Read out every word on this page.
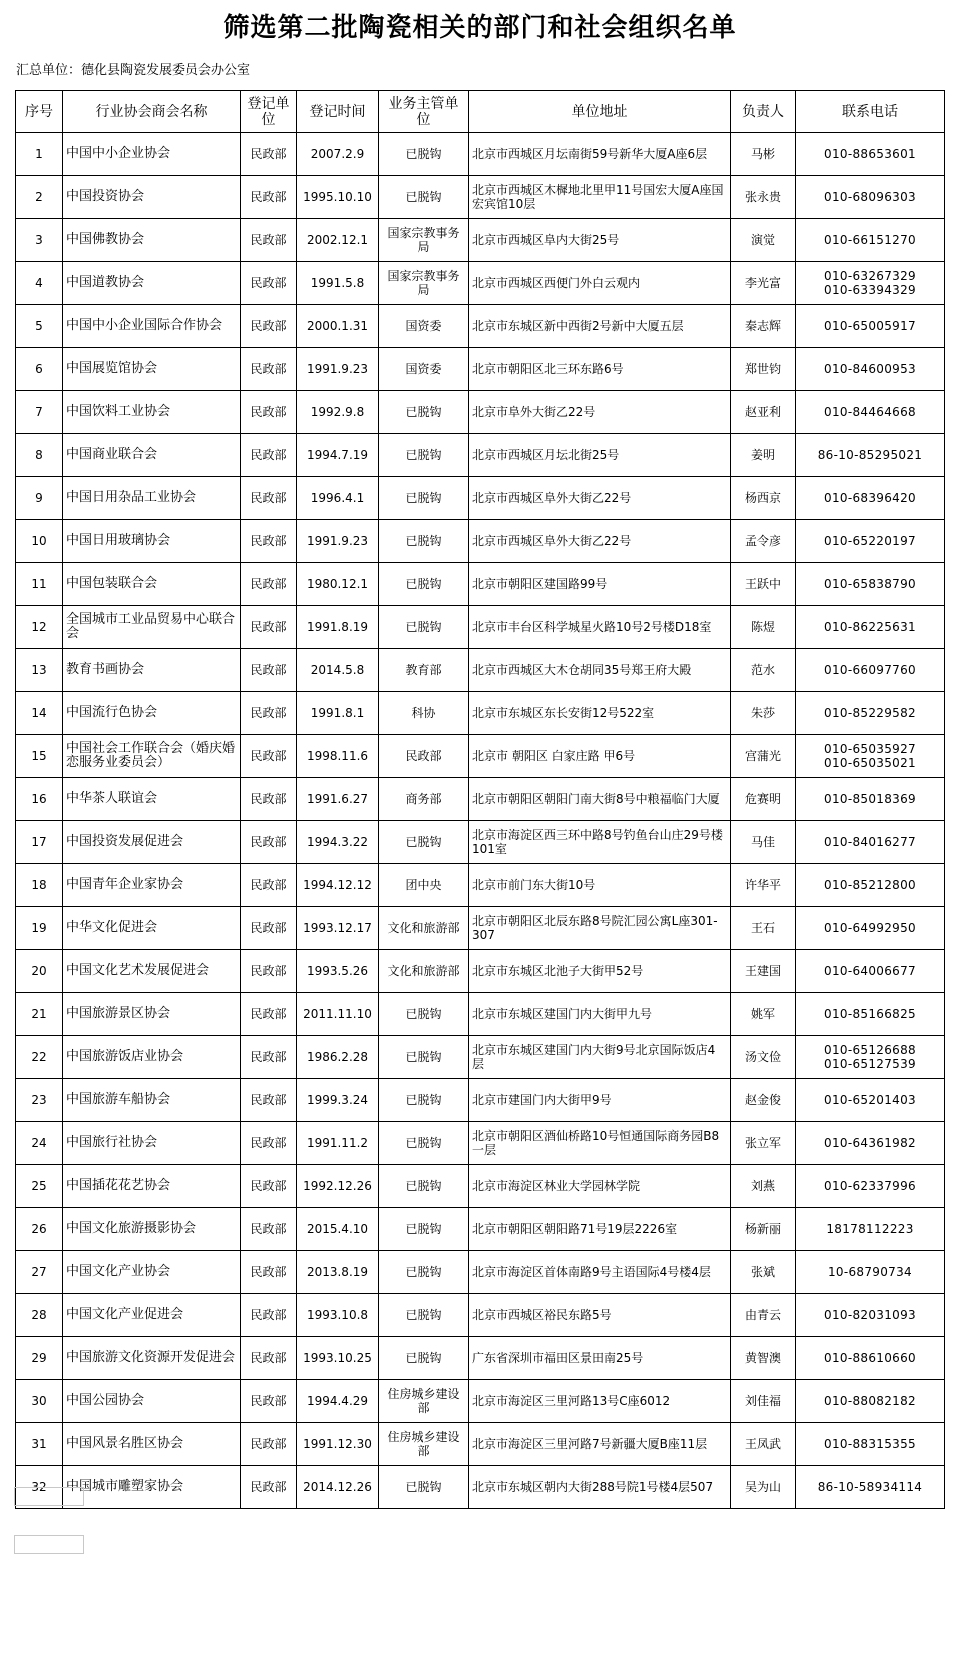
筛选第二批陶瓷相关的部门和社会组织名单
汇总单位：德化县陶瓷发展委员会办公室
序号	行业协会商会名称	登记单位	登记时间	业务主管单位	单位地址	负责人	联系电话
1	中国中小企业协会	民政部	2007.2.9	已脱钩	北京市西城区月坛南街59号新华大厦A座6层	马彬	010-88653601

2	中国投资协会	民政部	1995.10.10	已脱钩	北京市西城区木樨地北里甲11号国宏大厦A座国宏宾馆10层	张永贵	010-68096303

3	中国佛教协会	民政部	2002.12.1	国家宗教事务局	北京市西城区阜内大街25号	演觉	010-66151270

4	中国道教协会	民政部	1991.5.8	国家宗教事务局	北京市西城区西便门外白云观内	李光富	010-63267329
010-63394329

5	中国中小企业国际合作协会	民政部	2000.1.31	国资委	北京市东城区新中西街2号新中大厦五层	秦志辉	010-65005917

6	中国展览馆协会	民政部	1991.9.23	国资委	北京市朝阳区北三环东路6号	郑世钧	010-84600953

7	中国饮料工业协会	民政部	1992.9.8	已脱钩	北京市阜外大街乙22号	赵亚利	010-84464668

8	中国商业联合会	民政部	1994.7.19	已脱钩	北京市西城区月坛北街25号	姜明	86-10-85295021

9	中国日用杂品工业协会	民政部	1996.4.1	已脱钩	北京市西城区阜外大街乙22号	杨西京	010-68396420

10	中国日用玻璃协会	民政部	1991.9.23	已脱钩	北京市西城区阜外大街乙22号	孟令彦	010-65220197

11	中国包装联合会	民政部	1980.12.1	已脱钩	北京市朝阳区建国路99号	王跃中	010-65838790

12	全国城市工业品贸易中心联合会	民政部	1991.8.19	已脱钩	北京市丰台区科学城星火路10号2号楼D18室	陈煜	010-86225631

13	教育书画协会	民政部	2014.5.8	教育部	北京市西城区大木仓胡同35号郑王府大殿	范水	010-66097760

14	中国流行色协会	民政部	1991.8.1	科协	北京市东城区东长安街12号522室	朱莎	010-85229582

15	中国社会工作联合会（婚庆婚恋服务业委员会）	民政部	1998.11.6	民政部	北京市 朝阳区 白家庄路 甲6号	宫蒲光	010-65035927
010-65035021

16	中华茶人联谊会	民政部	1991.6.27	商务部	北京市朝阳区朝阳门南大街8号中粮福临门大厦	危赛明	010-85018369

17	中国投资发展促进会	民政部	1994.3.22	已脱钩	北京市海淀区西三环中路8号钓鱼台山庄29号楼101室	马佳	010-84016277

18	中国青年企业家协会	民政部	1994.12.12	团中央	北京市前门东大街10号	许华平	010-85212800

19	中华文化促进会	民政部	1993.12.17	文化和旅游部	北京市朝阳区北辰东路8号院汇园公寓L座301-307	王石	010-64992950

20	中国文化艺术发展促进会	民政部	1993.5.26	文化和旅游部	北京市东城区北池子大街甲52号	王建国	010-64006677

21	中国旅游景区协会	民政部	2011.11.10	已脱钩	北京市东城区建国门内大街甲九号	姚军	010-85166825

22	中国旅游饭店业协会	民政部	1986.2.28	已脱钩	北京市东城区建国门内大街9号北京国际饭店4层	汤文俭	010-65126688
010-65127539

23	中国旅游车船协会	民政部	1999.3.24	已脱钩	北京市建国门内大街甲9号	赵金俊	010-65201403

24	中国旅行社协会	民政部	1991.11.2	已脱钩	北京市朝阳区酒仙桥路10号恒通国际商务园B8一层	张立军	010-64361982

25	中国插花花艺协会	民政部	1992.12.26	已脱钩	北京市海淀区林业大学园林学院	刘燕	010-62337996

26	中国文化旅游摄影协会	民政部	2015.4.10	已脱钩	北京市朝阳区朝阳路71号19层2226室	杨新丽	18178112223

27	中国文化产业协会	民政部	2013.8.19	已脱钩	北京市海淀区首体南路9号主语国际4号楼4层	张斌	10-68790734

28	中国文化产业促进会	民政部	1993.10.8	已脱钩	北京市西城区裕民东路5号	由青云	010-82031093

29	中国旅游文化资源开发促进会	民政部	1993.10.25	已脱钩	广东省深圳市福田区景田南25号	黄智澳	010-88610660

30	中国公园协会	民政部	1994.4.29	住房城乡建设部	北京市海淀区三里河路13号C座6012	刘佳福	010-88082182

31	中国风景名胜区协会	民政部	1991.12.30	住房城乡建设部	北京市海淀区三里河路7号新疆大厦B座11层	王凤武	010-88315355

32	中国城市雕塑家协会	民政部	2014.12.26	已脱钩	北京市东城区朝内大街288号院1号楼4层507	吴为山	86-10-58934114
